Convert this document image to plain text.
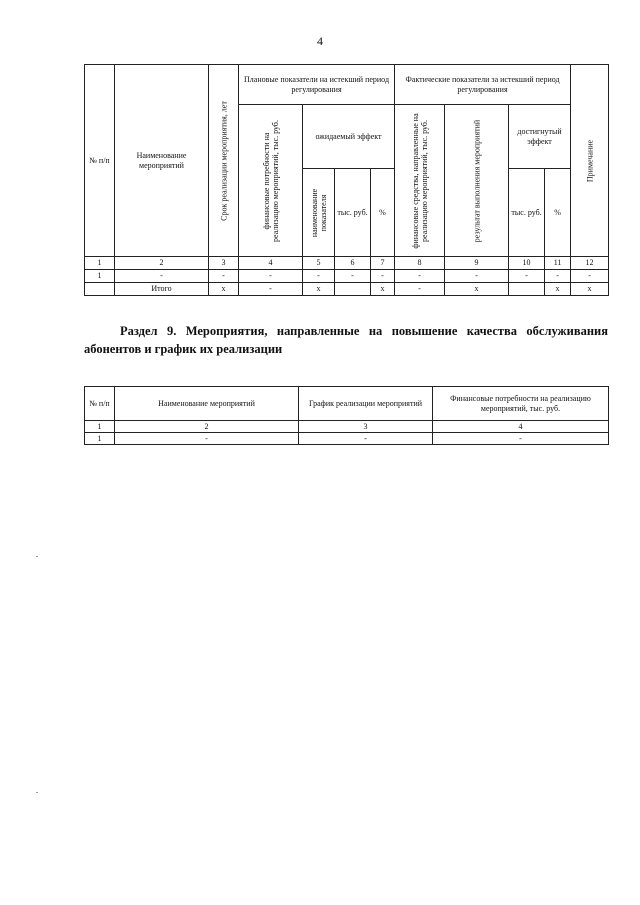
4
№ п/п	Наименование мероприятий	Срок реализации мероприятия, лет	Плановые показатели на истекший период регулирования				Фактические показатели за истекший период регулирования				Примечание

			финансовые потребности на реализацию мероприятий, тыс. руб.	ожидаемый эффект			финансовые средства, направленные на реализацию мероприятий, тыс. руб.	результат выполнения мероприятий	достигнутый эффект		

				наименование показателя	тыс. руб.	%			тыс. руб.	%	
1	2	3	4	5	6	7	8	9	10	11	12
1	-	-	-	-	-	-	-	-	-	-	-
	Итого	х	-	х		х	-	х		х	х
Раздел 9. Мероприятия, направленные на повышение качества обслуживания абонентов и график их реализации
№ п/п	Наименование мероприятий	График реализации мероприятий	Финансовые потребности на реализацию мероприятий, тыс. руб.
1	2	3	4
1	-	-	-
